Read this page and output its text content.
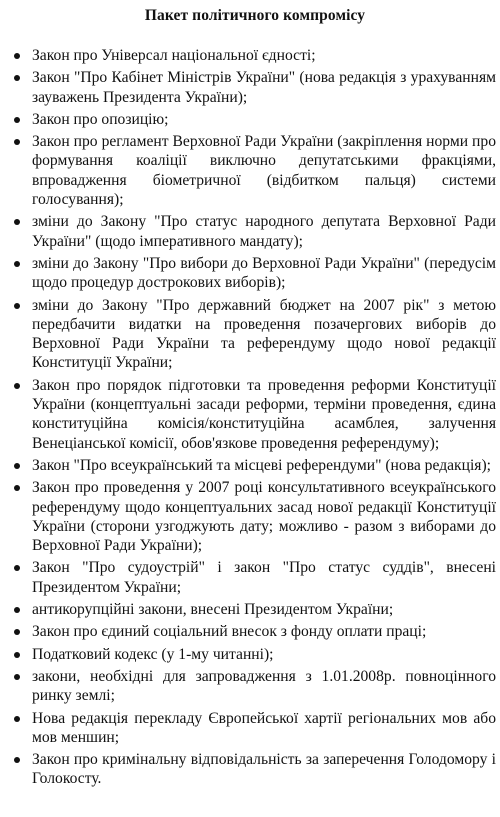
Пакет політичного компромісу
Закон про Універсал національної єдності;
Закон "Про Кабінет Міністрів України" (нова редакція з урахуванням зауважень Президента України);
Закон про опозицію;
Закон про регламент Верховної Ради України (закріплення норми про формування коаліції виключно депутатськими фракціями, впровадження біометричної (відбитком пальця) системи голосування);
зміни до Закону "Про статус народного депутата Верховної Ради України" (щодо імперативного мандату);
зміни до Закону "Про вибори до Верховної Ради України" (передусім щодо процедур дострокових виборів);
зміни до Закону "Про державний бюджет на 2007 рік" з метою передбачити видатки на проведення позачергових виборів до Верховної Ради України та референдуму щодо нової редакції Конституції України;
Закон про порядок підготовки та проведення реформи Конституції України (концептуальні засади реформи, терміни проведення, єдина конституційна комісія/конституційна асамблея, залучення Венеціанської комісії, обов'язкове проведення референдуму);
Закон "Про всеукраїнський та місцеві референдуми" (нова редакція);
Закон про проведення у 2007 році консультативного всеукраїнського референдуму щодо концептуальних засад нової редакції Конституції України (сторони узгоджують дату; можливо - разом з виборами до Верховної Ради України);
Закон "Про судоустрій" і закон "Про статус суддів", внесені Президентом України;
антикорупційні закони, внесені Президентом України;
Закон про єдиний соціальний внесок з фонду оплати праці;
Податковий кодекс (у 1-му читанні);
закони, необхідні для запровадження з 1.01.2008р. повноцінного ринку землі;
Нова редакція перекладу Європейської хартії регіональних мов або мов меншин;
Закон про кримінальну відповідальність за заперечення Голодомору і Голокосту.
